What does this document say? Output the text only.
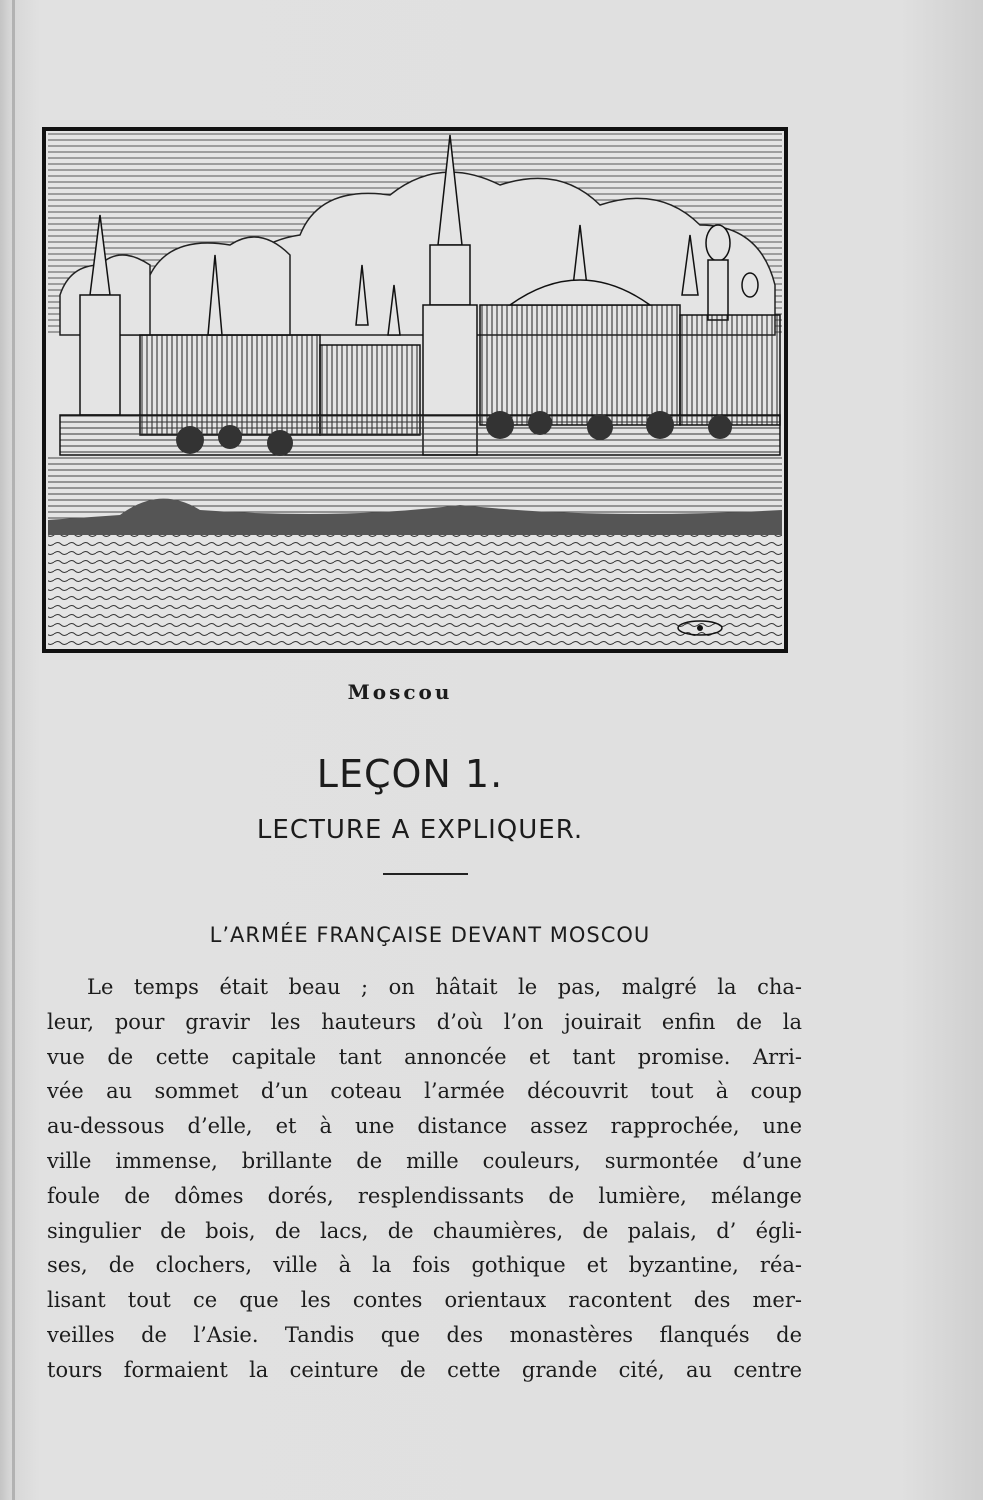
Moscou
LEÇON 1.
LECTURE A EXPLIQUER.
L’ARMÉE FRANÇAISE DEVANT MOSCOU
Le temps était beau ; on hâtait le pas, malgré la cha-
leur, pour gravir les hauteurs d’où l’on jouirait enfin de la
vue de cette capitale tant annoncée et tant promise. Arri-
vée au sommet d’un coteau l’armée découvrit tout à coup
au-dessous d’elle, et à une distance assez rapprochée, une
ville immense, brillante de mille couleurs, surmontée d’une
foule de dômes dorés, resplendissants de lumière, mélange
singulier de bois, de lacs, de chaumières, de palais, d’ égli-
ses, de clochers, ville à la fois gothique et byzantine, réa-
lisant tout ce que les contes orientaux racontent des mer-
veilles de l’Asie. Tandis que des monastères flanqués de
tours formaient la ceinture de cette grande cité, au centre
